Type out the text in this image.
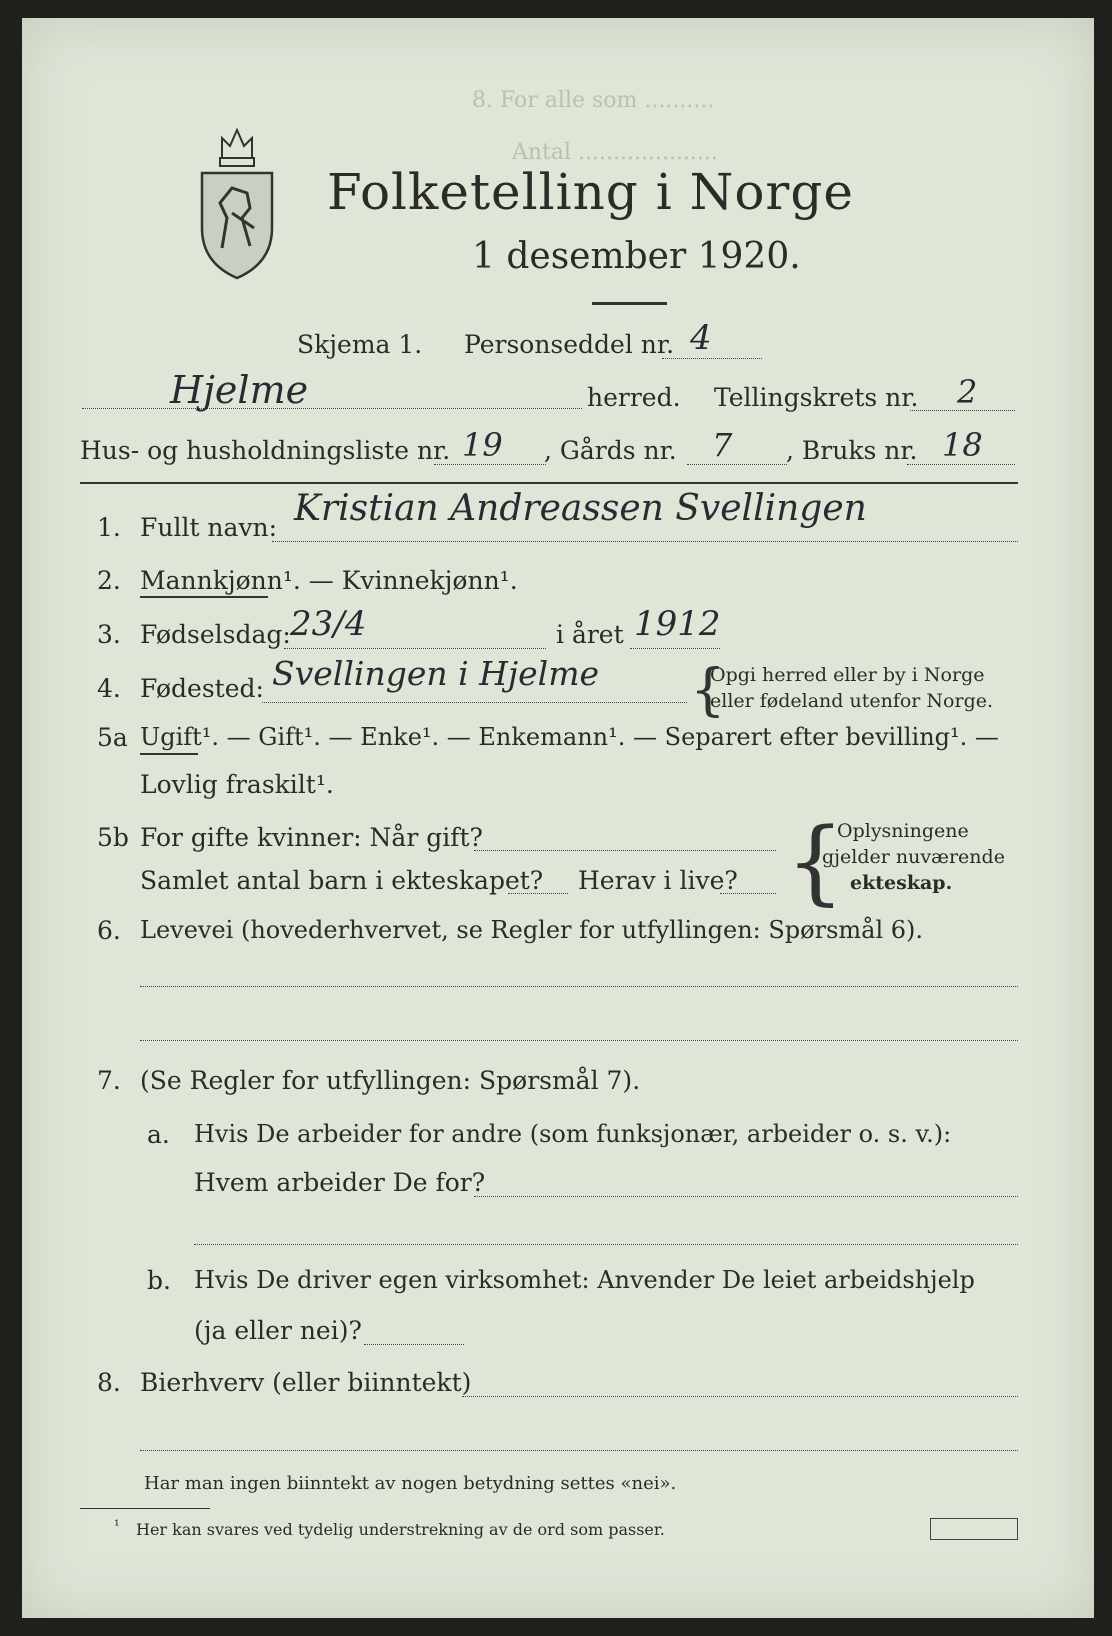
8. For alle som ..........
Antal ....................
Folketelling i Norge
1 desember 1920.
Skjema 1. Personseddel nr. 4
Hjelme	herred. Tellingskrets nr. 2
Hus- og husholdningsliste nr. 19 , Gårds nr. 7 , Bruks nr. 18
1. Fullt navn: Kristian Andreassen Svellingen
2. Mannkjønn¹. — Kvinnekjønn¹.
3. Fødselsdag: 23/4	i året 1912
4. Fødested: Svellingen i Hjelme {
Opgi herred eller by i Norge
eller fødeland utenfor Norge.
5a Ugift¹. — Gift¹. — Enke¹. — Enkemann¹. — Separert efter bevilling¹. —
Lovlig fraskilt¹.
5b For gifte kvinner: Når gift?
Samlet antal barn i ekteskapet? Herav i live? {
Oplysningene
gjelder nuværende
ekteskap.
6. Levevei (hovederhvervet, se Regler for utfyllingen: Spørsmål 6).
7. (Se Regler for utfyllingen: Spørsmål 7).
a. Hvis De arbeider for andre (som funksjonær, arbeider o. s. v.):
Hvem arbeider De for?
b. Hvis De driver egen virksomhet: Anvender De leiet arbeidshjelp
(ja eller nei)?
8. Bierhverv (eller biinntekt)
Har man ingen biinntekt av nogen betydning settes «nei».
¹ Her kan svares ved tydelig understrekning av de ord som passer.
